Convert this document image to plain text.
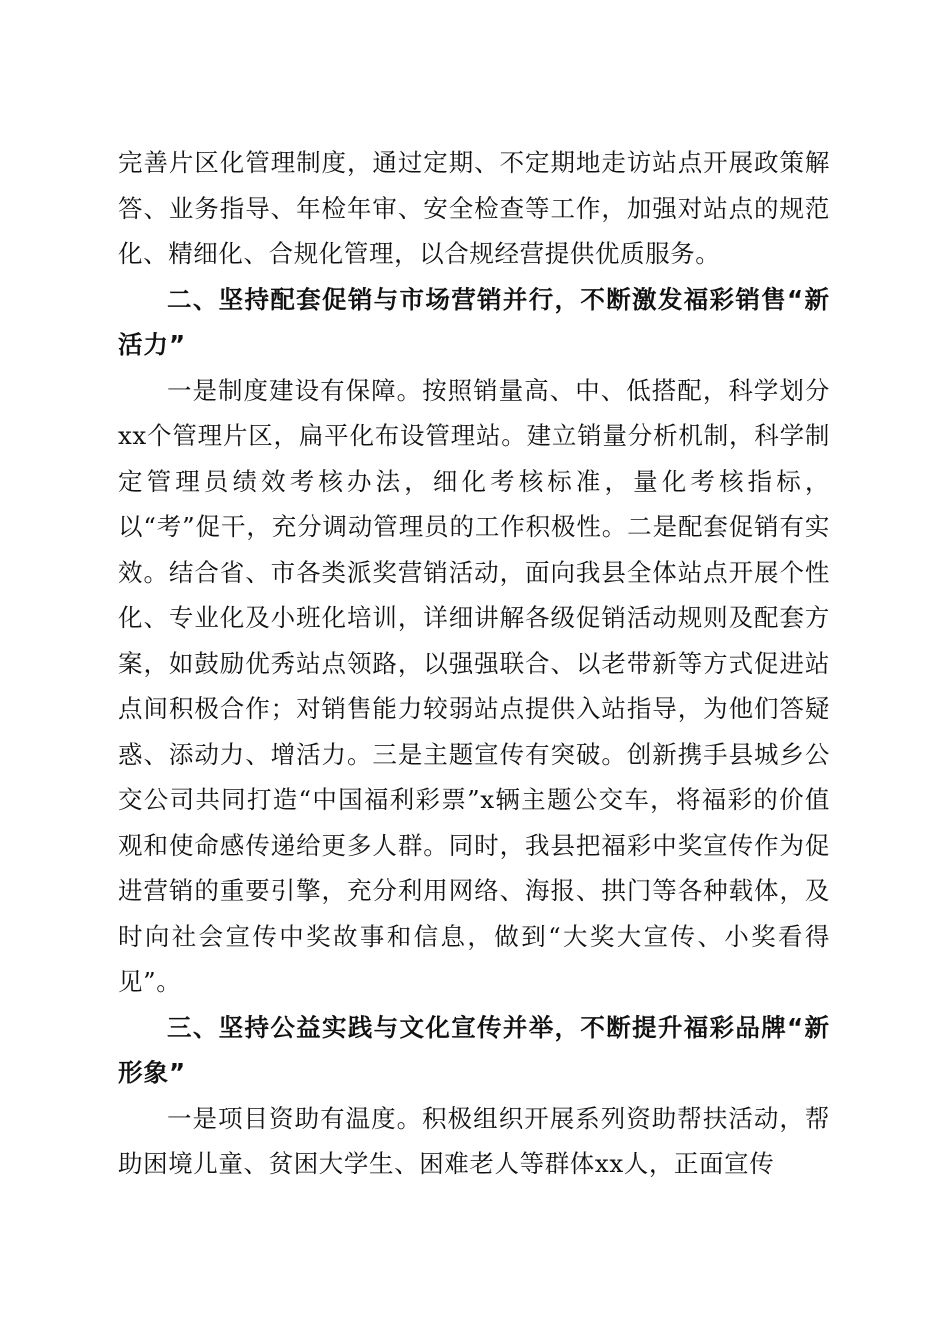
完善片区化管理制度，通过定期、不定期地走访站点开展政策解答、业务指导、年检年审、安全检查等工作，加强对站点的规范化、精细化、合规化管理，以合规经营提供优质服务。

二、坚持配套促销与市场营销并行，不断激发福彩销售“新活力”

一是制度建设有保障。按照销量高、中、低搭配，科学划分xx个管理片区，扁平化布设管理站。建立销量分析机制，科学制定管理员绩效考核办法，细化考核标准，量化考核指标，以“考”促干，充分调动管理员的工作积极性。二是配套促销有实效。结合省、市各类派奖营销活动，面向我县全体站点开展个性化、专业化及小班化培训，详细讲解各级促销活动规则及配套方案，如鼓励优秀站点领路，以强强联合、以老带新等方式促进站点间积极合作；对销售能力较弱站点提供入站指导，为他们答疑惑、添动力、增活力。三是主题宣传有突破。创新携手县城乡公交公司共同打造“中国福利彩票”x辆主题公交车，将福彩的价值观和使命感传递给更多人群。同时，我县把福彩中奖宣传作为促进营销的重要引擎，充分利用网络、海报、拱门等各种载体，及时向社会宣传中奖故事和信息，做到“大奖大宣传、小奖看得见”。

三、坚持公益实践与文化宣传并举，不断提升福彩品牌“新形象”

一是项目资助有温度。积极组织开展系列资助帮扶活动，帮助困境儿童、贫困大学生、困难老人等群体xx人，正面宣传
